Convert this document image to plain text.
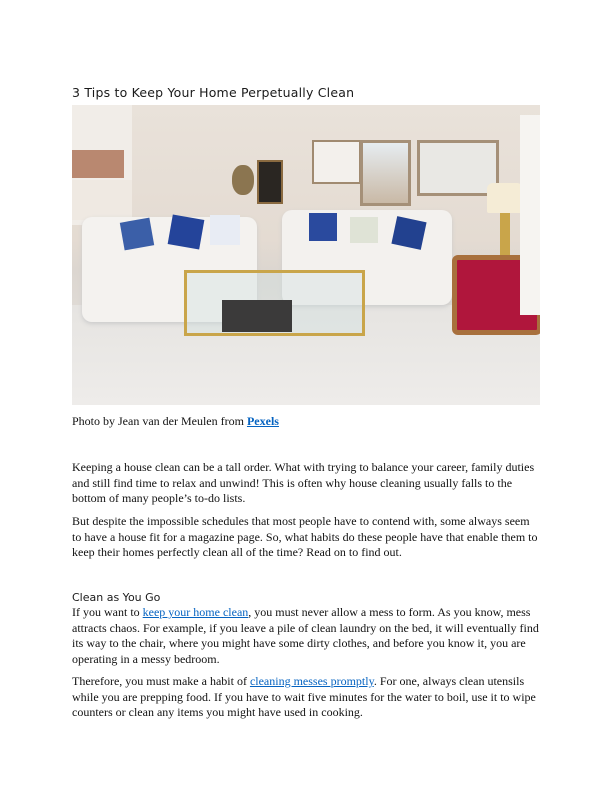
3 Tips to Keep Your Home Perpetually Clean
Photo by Jean van der Meulen from Pexels
Keeping a house clean can be a tall order. What with trying to balance your career, family duties
and still find time to relax and unwind! This is often why house cleaning usually falls to the
bottom of many people’s to-do lists.
But despite the impossible schedules that most people have to contend with, some always seem
to have a house fit for a magazine page. So, what habits do these people have that enable them to
keep their homes perfectly clean all of the time? Read on to find out.
Clean as You Go
If you want to keep your home clean, you must never allow a mess to form. As you know, mess
attracts chaos. For example, if you leave a pile of clean laundry on the bed, it will eventually find
its way to the chair, where you might have some dirty clothes, and before you know it, you are
operating in a messy bedroom.
Therefore, you must make a habit of cleaning messes promptly. For one, always clean utensils
while you are prepping food. If you have to wait five minutes for the water to boil, use it to wipe
counters or clean any items you might have used in cooking.
